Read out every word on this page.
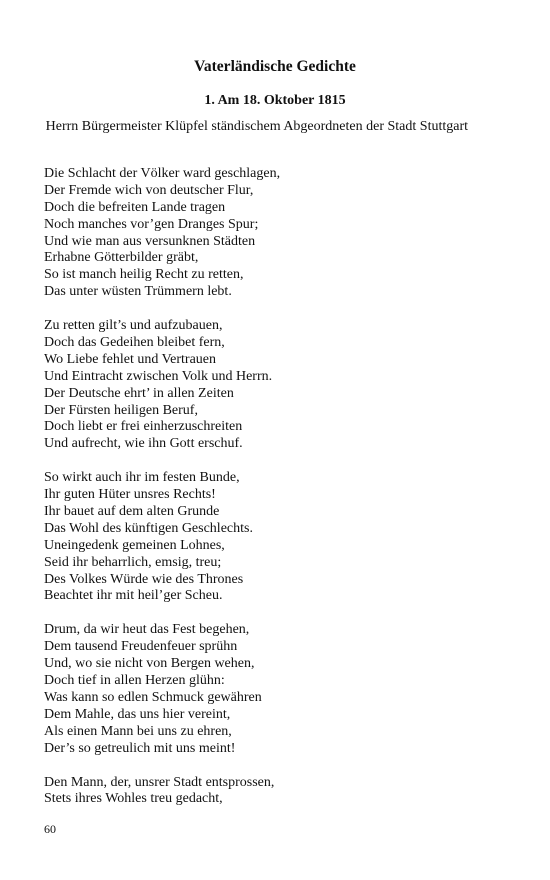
Vaterländische Gedichte
1. Am 18. Oktober 1815
Herrn Bürgermeister Klüpfel ständischem Abgeordneten der Stadt Stuttgart
Die Schlacht der Völker ward geschlagen,
Der Fremde wich von deutscher Flur,
Doch die befreiten Lande tragen
Noch manches vor’gen Dranges Spur;
Und wie man aus versunknen Städten
Erhabne Götterbilder gräbt,
So ist manch heilig Recht zu retten,
Das unter wüsten Trümmern lebt.
Zu retten gilt’s und aufzubauen,
Doch das Gedeihen bleibet fern,
Wo Liebe fehlet und Vertrauen
Und Eintracht zwischen Volk und Herrn.
Der Deutsche ehrt’ in allen Zeiten
Der Fürsten heiligen Beruf,
Doch liebt er frei einherzuschreiten
Und aufrecht, wie ihn Gott erschuf.
So wirkt auch ihr im festen Bunde,
Ihr guten Hüter unsres Rechts!
Ihr bauet auf dem alten Grunde
Das Wohl des künftigen Geschlechts.
Uneingedenk gemeinen Lohnes,
Seid ihr beharrlich, emsig, treu;
Des Volkes Würde wie des Thrones
Beachtet ihr mit heil’ger Scheu.
Drum, da wir heut das Fest begehen,
Dem tausend Freudenfeuer sprühn
Und, wo sie nicht von Bergen wehen,
Doch tief in allen Herzen glühn:
Was kann so edlen Schmuck gewähren
Dem Mahle, das uns hier vereint,
Als einen Mann bei uns zu ehren,
Der’s so getreulich mit uns meint!
Den Mann, der, unsrer Stadt entsprossen,
Stets ihres Wohles treu gedacht,
60
